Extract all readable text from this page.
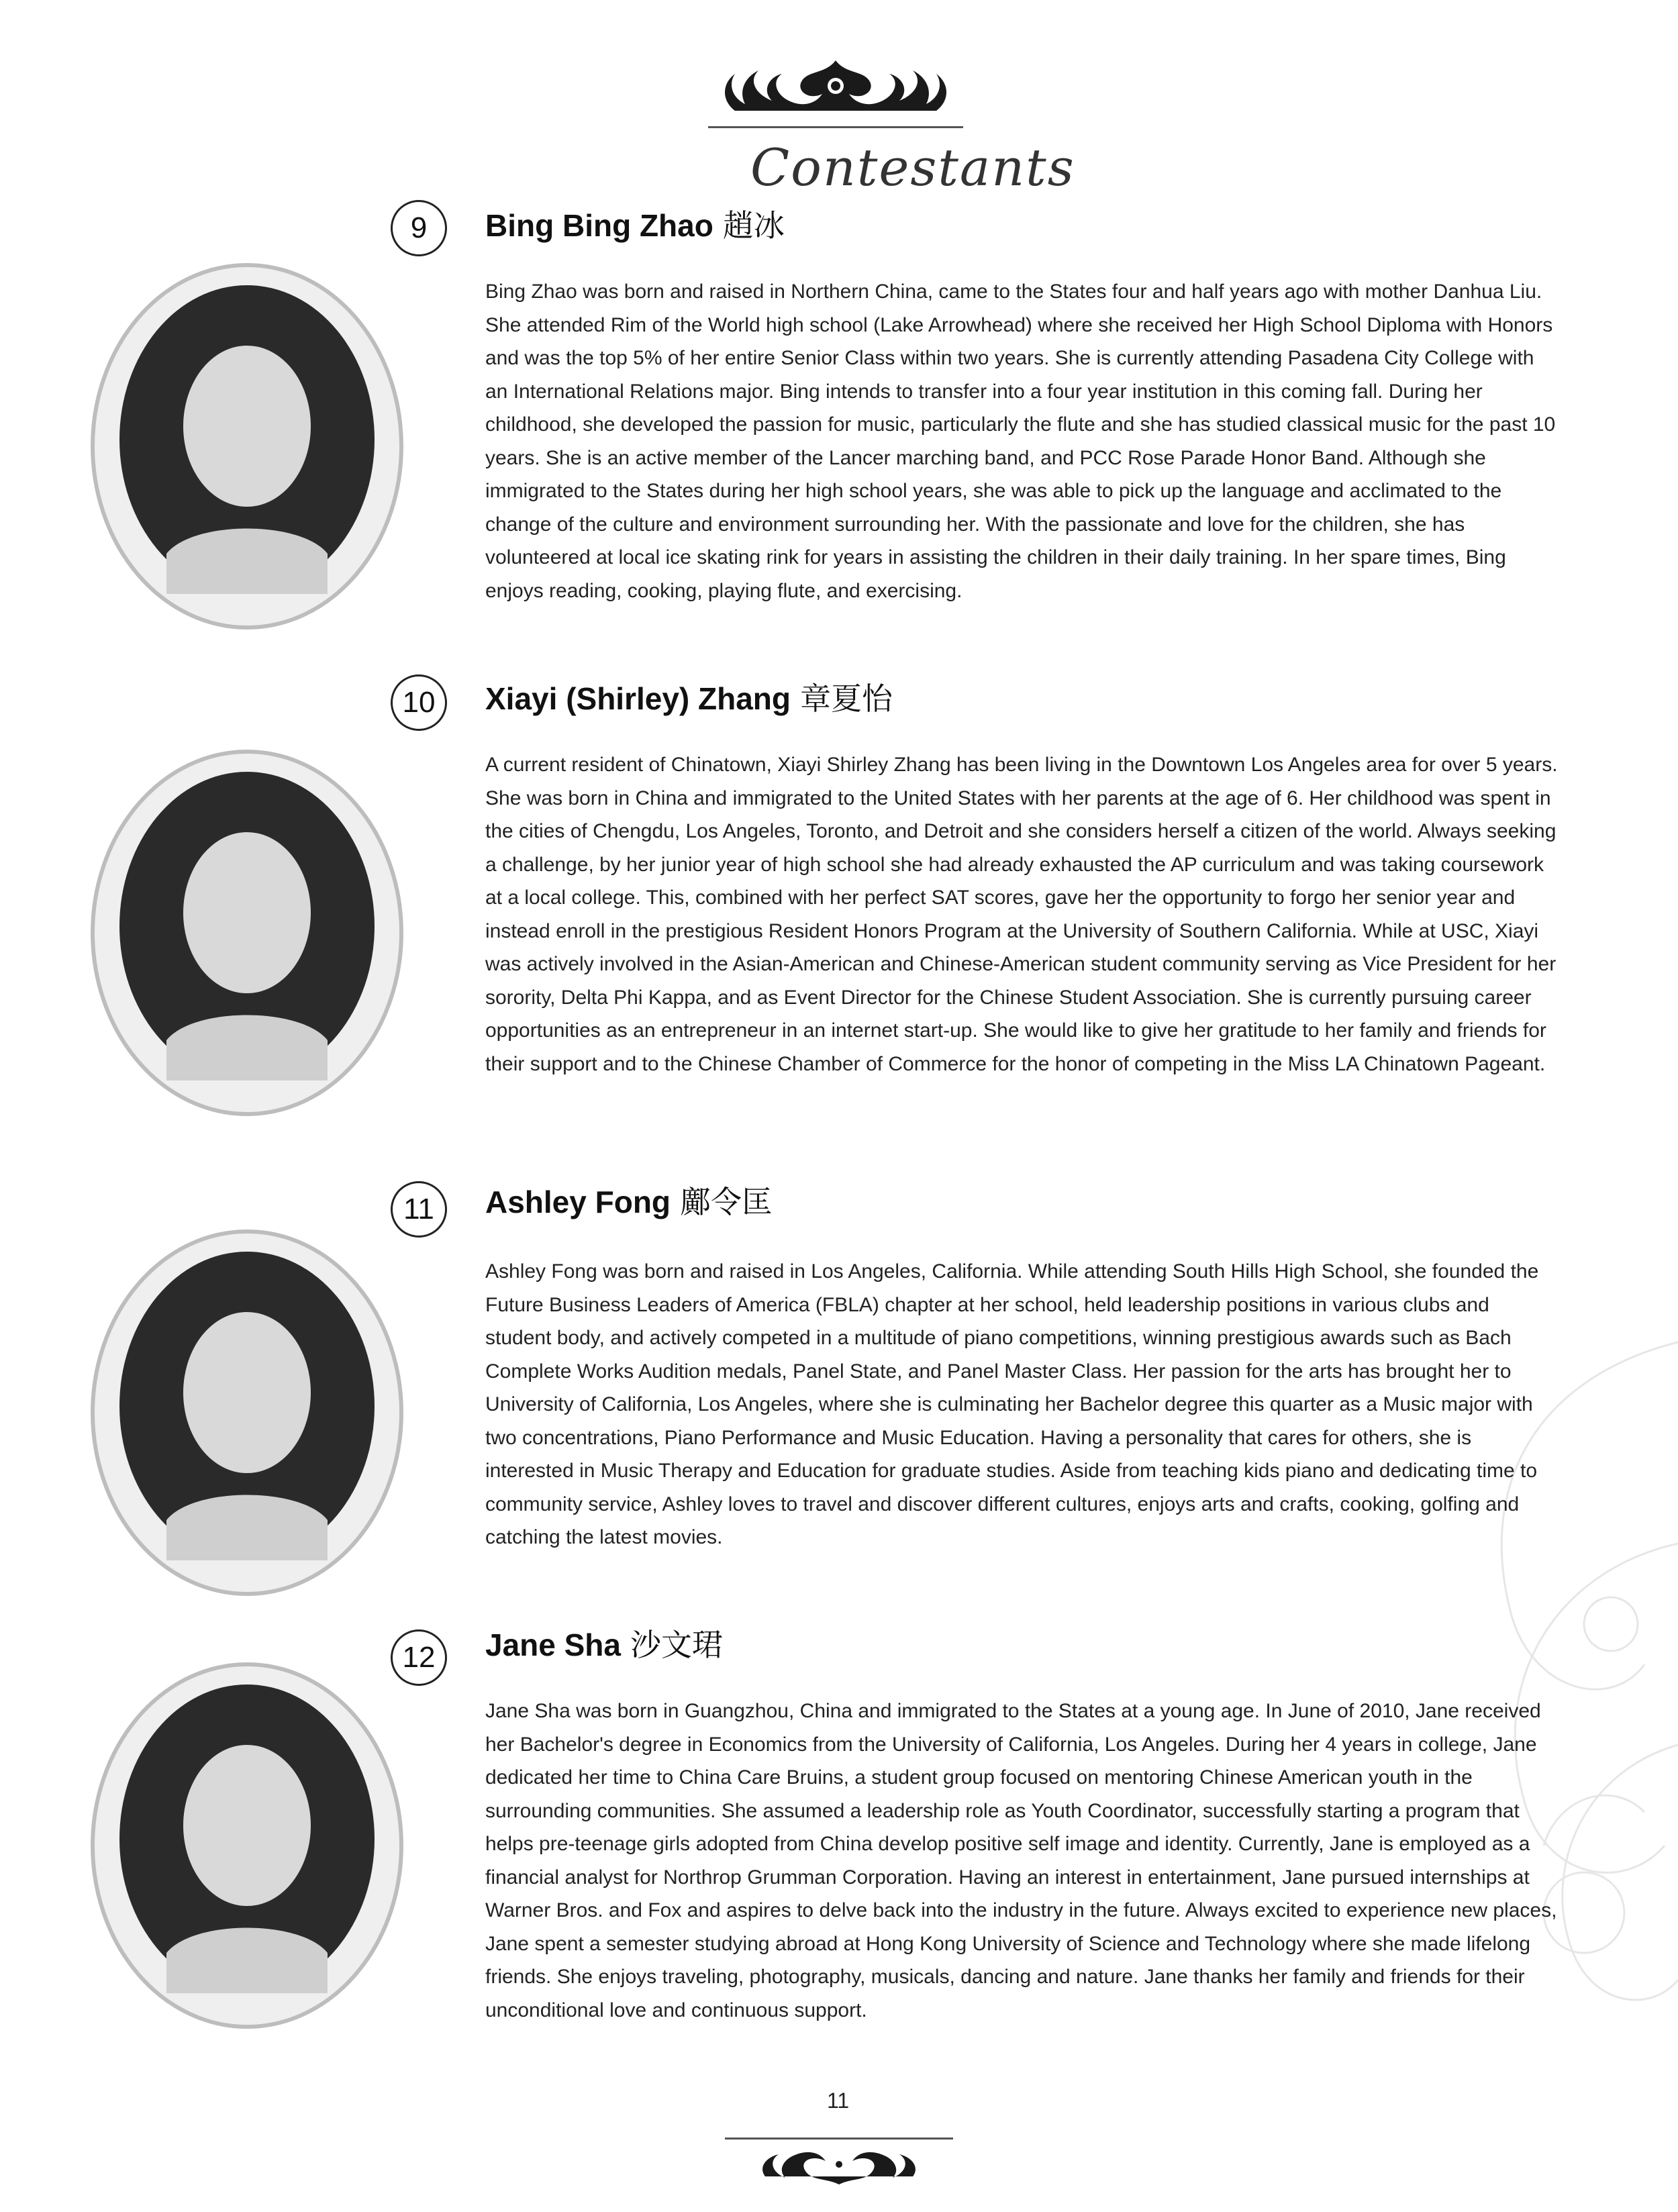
Contestants
9	Bing Bing Zhao 趙冰
Bing Zhao was born and raised in Northern China, came to the States four and half years ago with mother Danhua Liu. She attended Rim of the World high school (Lake Arrowhead) where she received her High School Diploma with Honors and was the top 5% of her entire Senior Class within two years. She is currently attending Pasadena City College with an International Relations major. Bing intends to transfer into a four year institution in this coming fall. During her childhood, she developed the passion for music, particularly the flute and she has studied classical music for the past 10 years. She is an active member of the Lancer marching band, and PCC Rose Parade Honor Band. Although she immigrated to the States during her high school years, she was able to pick up the language and acclimated to the change of the culture and environment surrounding her. With the passionate and love for the children, she has volunteered at local ice skating rink for years in assisting the children in their daily training. In her spare times, Bing enjoys reading, cooking, playing flute, and exercising.
10	Xiayi (Shirley) Zhang 章夏怡
A current resident of Chinatown, Xiayi Shirley Zhang has been living in the Downtown Los Angeles area for over 5 years. She was born in China and immigrated to the United States with her parents at the age of 6. Her childhood was spent in the cities of Chengdu, Los Angeles, Toronto, and Detroit and she considers herself a citizen of the world. Always seeking a challenge, by her junior year of high school she had already exhausted the AP curriculum and was taking coursework at a local college. This, combined with her perfect SAT scores, gave her the opportunity to forgo her senior year and instead enroll in the prestigious Resident Honors Program at the University of Southern California. While at USC, Xiayi was actively involved in the Asian-American and Chinese-American student community serving as Vice President for her sorority, Delta Phi Kappa, and as Event Director for the Chinese Student Association. She is currently pursuing career opportunities as an entrepreneur in an internet start-up. She would like to give her gratitude to her family and friends for their support and to the Chinese Chamber of Commerce for the honor of competing in the Miss LA Chinatown Pageant.
11	Ashley Fong 鄺令匡
Ashley Fong was born and raised in Los Angeles, California. While attending South Hills High School, she founded the Future Business Leaders of America (FBLA) chapter at her school, held leadership positions in various clubs and student body, and actively competed in a multitude of piano competitions, winning prestigious awards such as Bach Complete Works Audition medals, Panel State, and Panel Master Class. Her passion for the arts has brought her to University of California, Los Angeles, where she is culminating her Bachelor degree this quarter as a Music major with two concentrations, Piano Performance and Music Education. Having a personality that cares for others, she is interested in Music Therapy and Education for graduate studies. Aside from teaching kids piano and dedicating time to community service, Ashley loves to travel and discover different cultures, enjoys arts and crafts, cooking, golfing and catching the latest movies.
12	Jane Sha 沙文珺
Jane Sha was born in Guangzhou, China and immigrated to the States at a young age. In June of 2010, Jane received her Bachelor's degree in Economics from the University of California, Los Angeles. During her 4 years in college, Jane dedicated her time to China Care Bruins, a student group focused on mentoring Chinese American youth in the surrounding communities. She assumed a leadership role as Youth Coordinator, successfully starting a program that helps pre-teenage girls adopted from China develop positive self image and identity. Currently, Jane is employed as a financial analyst for Northrop Grumman Corporation. Having an interest in entertainment, Jane pursued internships at Warner Bros. and Fox and aspires to delve back into the industry in the future. Always excited to experience new places, Jane spent a semester studying abroad at Hong Kong University of Science and Technology where she made lifelong friends. She enjoys traveling, photography, musicals, dancing and nature. Jane thanks her family and friends for their unconditional love and continuous support.
11
